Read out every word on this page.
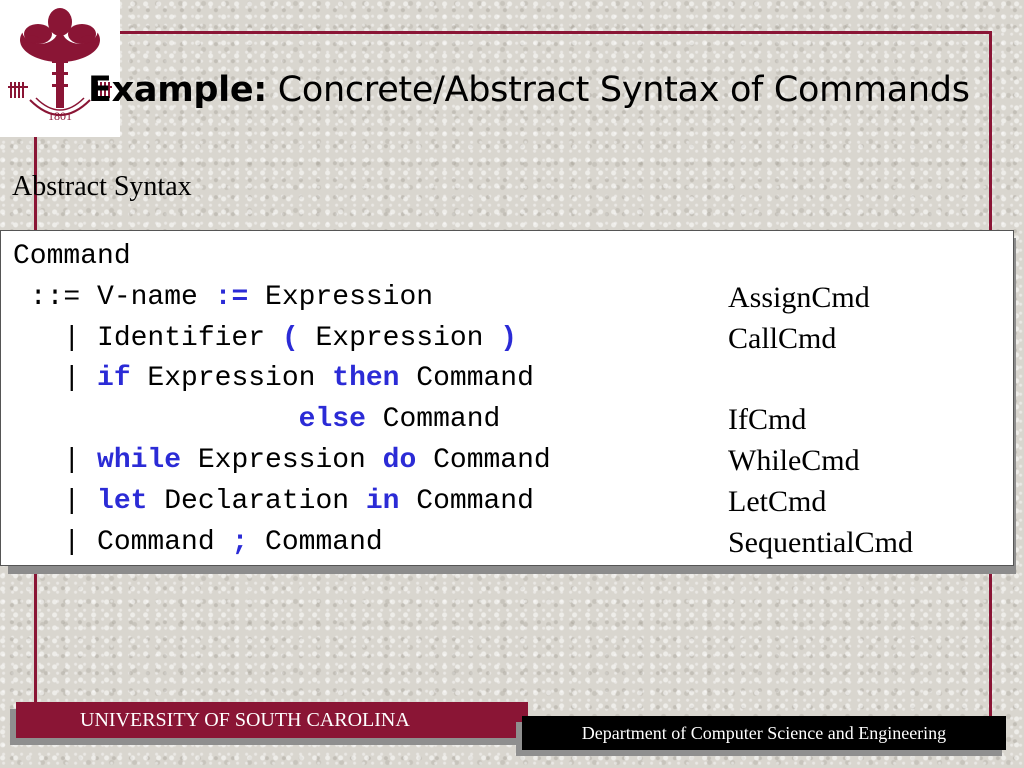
1801
Example: Concrete/Abstract Syntax of Commands
Abstract Syntax
Command
::= V-name := Expression	AssignCmd
| Identifier ( Expression )	CallCmd
| if Expression then Command
else Command	IfCmd
| while Expression do Command	WhileCmd
| let Declaration in Command	LetCmd
| Command ; Command	SequentialCmd
UNIVERSITY OF SOUTH CAROLINA
Department of Computer Science and Engineering
